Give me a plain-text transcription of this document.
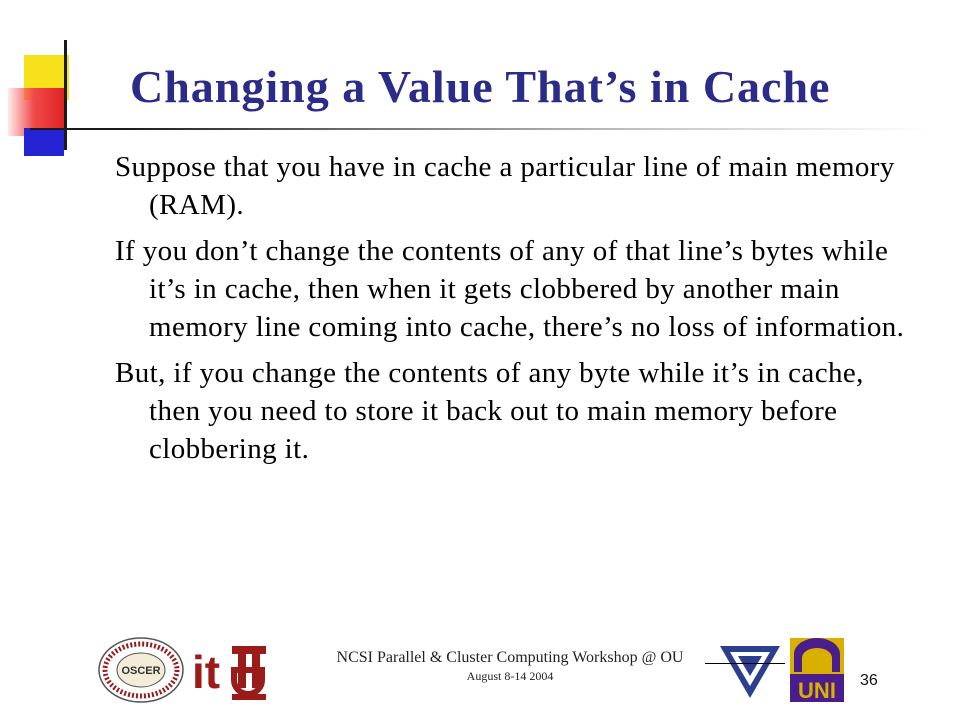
Changing a Value That’s in Cache

Suppose that you have in cache a particular line of main memory (RAM).

If you don’t change the contents of any of that line’s bytes while it’s in cache, then when it gets clobbered by another main memory line coming into cache, there’s no loss of information.

But, if you change the contents of any byte while it’s in cache, then you need to store it back out to main memory before clobbering it.

OSCER it	UNI
NCSI Parallel & Cluster Computing Workshop @ OU
August 8-14 2004	36
